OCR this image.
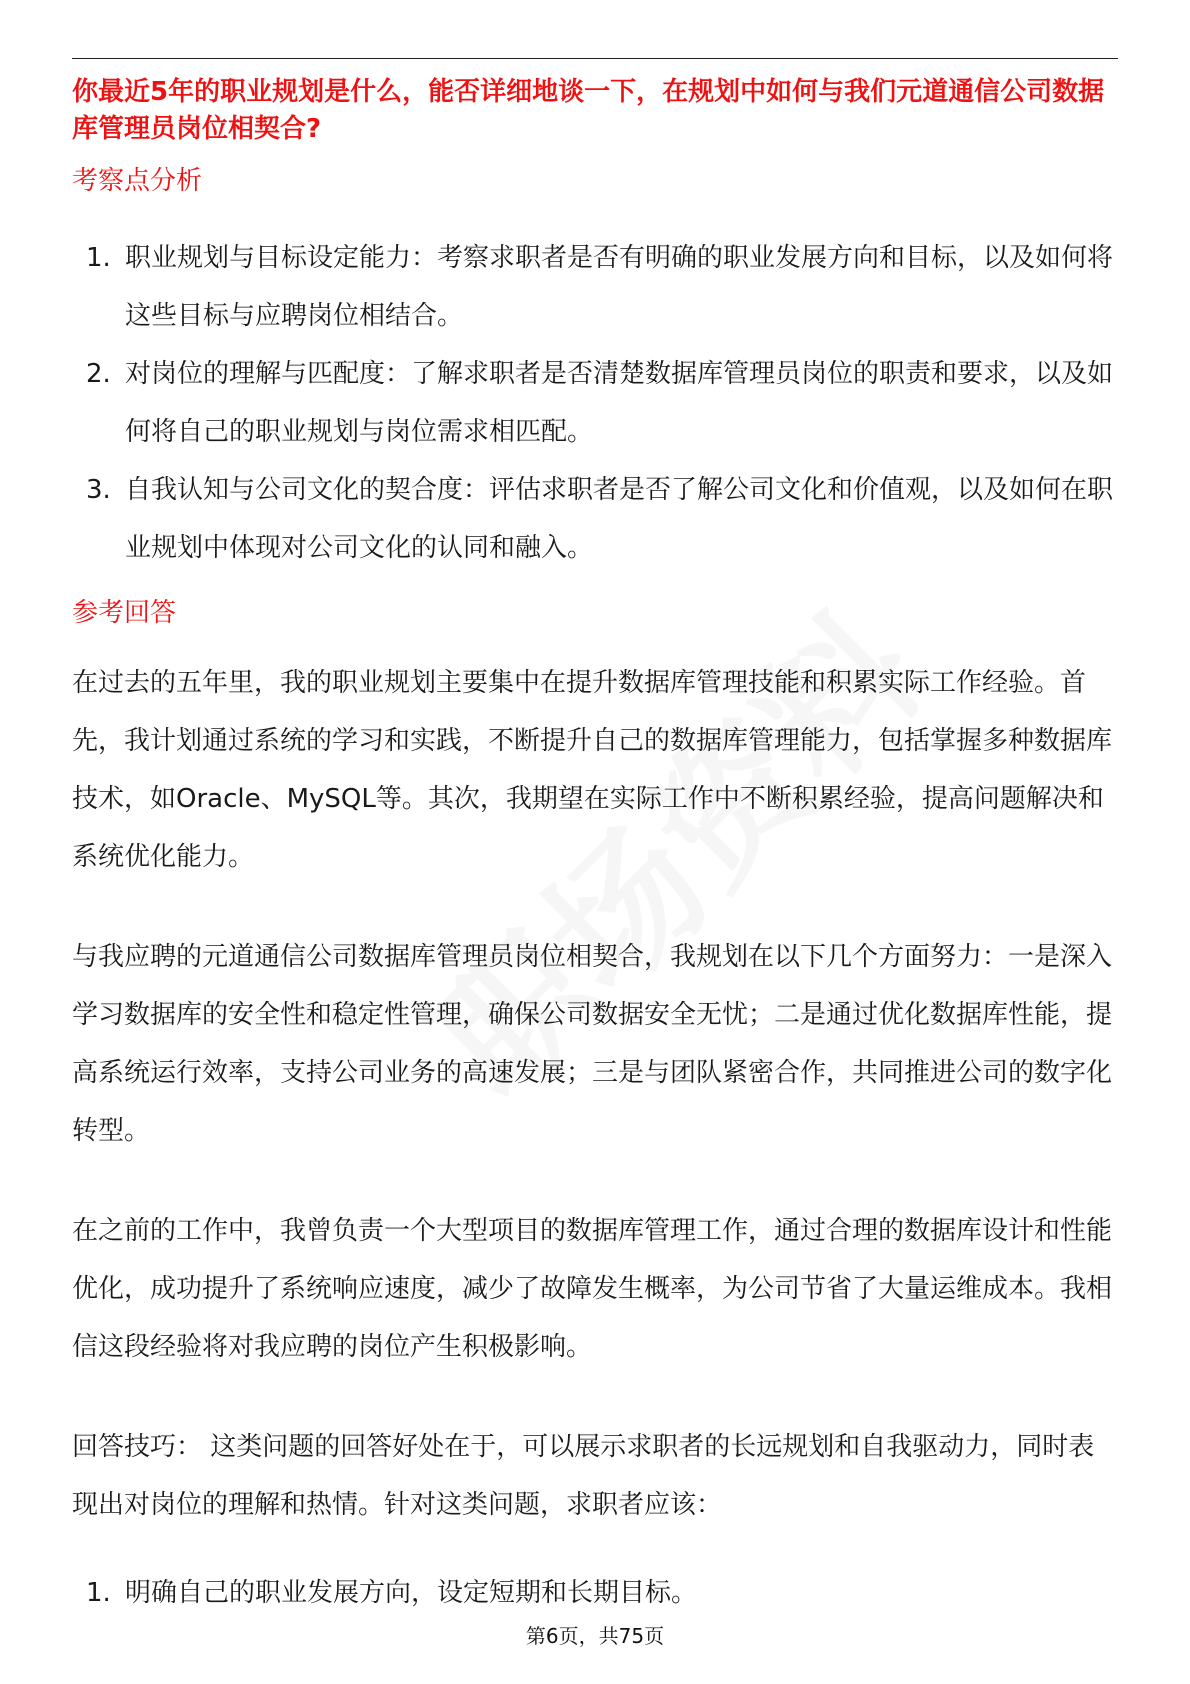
你最近5年的职业规划是什么，能否详细地谈一下，在规划中如何与我们元道通信公司数据库管理员岗位相契合?

考察点分析

1. 职业规划与目标设定能力：考察求职者是否有明确的职业发展方向和目标，以及如何将这些目标与应聘岗位相结合。
2. 对岗位的理解与匹配度：了解求职者是否清楚数据库管理员岗位的职责和要求，以及如何将自己的职业规划与岗位需求相匹配。
3. 自我认知与公司文化的契合度：评估求职者是否了解公司文化和价值观，以及如何在职业规划中体现对公司文化的认同和融入。

参考回答

在过去的五年里，我的职业规划主要集中在提升数据库管理技能和积累实际工作经验。首先，我计划通过系统的学习和实践，不断提升自己的数据库管理能力，包括掌握多种数据库技术，如Oracle、MySQL等。其次，我期望在实际工作中不断积累经验，提高问题解决和系统优化能力。

与我应聘的元道通信公司数据库管理员岗位相契合，我规划在以下几个方面努力：一是深入学习数据库的安全性和稳定性管理，确保公司数据安全无忧；二是通过优化数据库性能，提高系统运行效率，支持公司业务的高速发展；三是与团队紧密合作，共同推进公司的数字化转型。

在之前的工作中，我曾负责一个大型项目的数据库管理工作，通过合理的数据库设计和性能优化，成功提升了系统响应速度，减少了故障发生概率，为公司节省了大量运维成本。我相信这段经验将对我应聘的岗位产生积极影响。

回答技巧： 这类问题的回答好处在于，可以展示求职者的长远规划和自我驱动力，同时表现出对岗位的理解和热情。针对这类问题，求职者应该：

1. 明确自己的职业发展方向，设定短期和长期目标。
第6页，共75页
